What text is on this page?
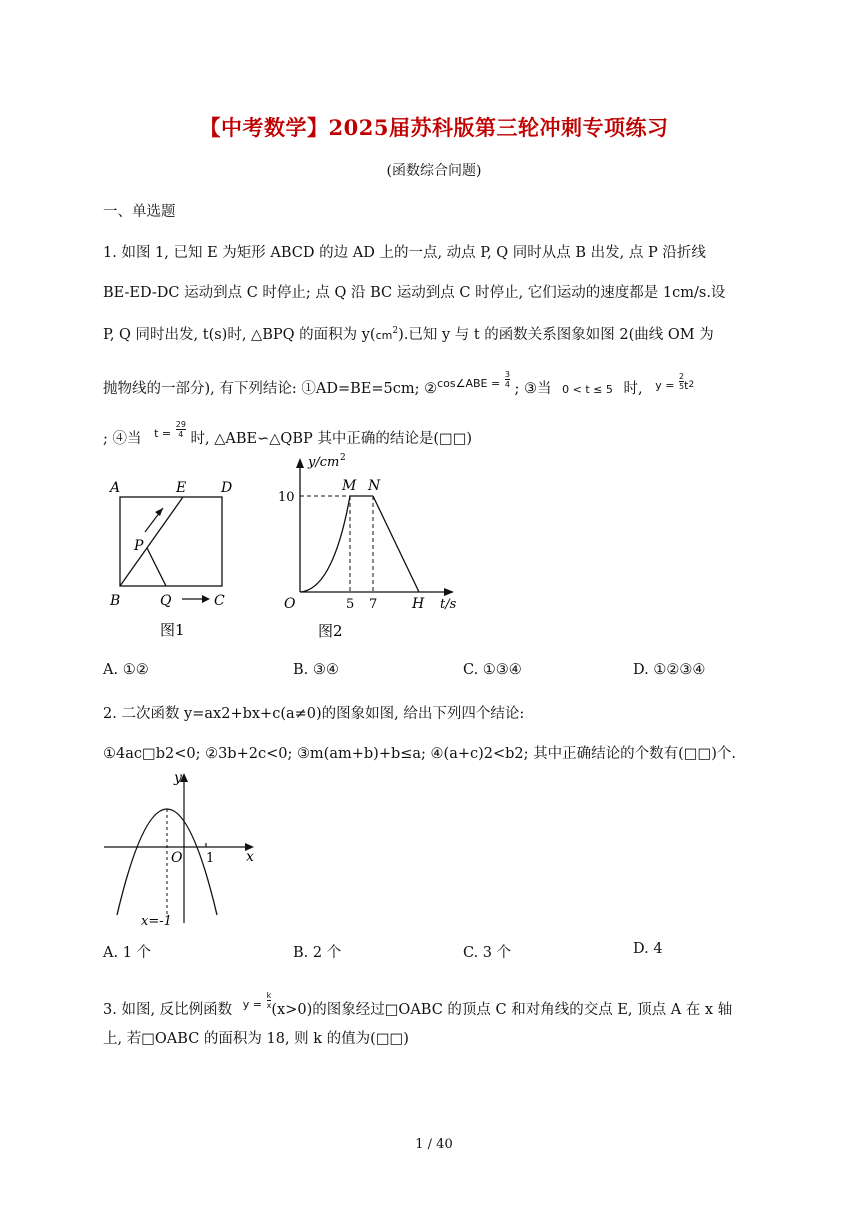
【中考数学】2025届苏科版第三轮冲刺专项练习
(函数综合问题)
一、单选题
1. 如图 1, 已知 E 为矩形 ABCD 的边 AD 上的一点, 动点 P, Q 同时从点 B 出发, 点 P 沿折线
BE-ED-DC 运动到点 C 时停止; 点 Q 沿 BC 运动到点 C 时停止, 它们运动的速度都是 1cm/s.设
P, Q 同时出发, t(s)时, △BPQ 的面积为 $y(cm^2)$.已知 y 与 t 的函数关系图象如图 2(曲线 OM 为
抛物线的一部分), 有下列结论: ①AD=BE=5cm; ②$^{cos\angle ABE =}$ $\frac{3}{4}$ ; ③当 0 < t ≤ 5 时, $^{y =} \frac{2}{5} ^{t2}$
; ④当 $^{t =} \frac{29}{4}$ 时, △ABE∽△QBP 其中正确的结论是(□□)
A	E D
P
B	Q	C
图1
y/cm 2
10
M N
O	5 7 H t/s
图2
A. ①②	B. ③④	C. ①③④	D. ①②③④
2. 二次函数 y=ax2+bx+c(a≠0)的图象如图, 给出下列四个结论:
①4ac□b2<0; ②3b+2c<0; ③m(am+b)+b≤a; ④(a+c)2<b2; 其中正确结论的个数有(□□)个.
y
x
O 1
x=-1
A. 1 个	B. 2 个	C. 3 个	D. 4
3. 如图, 反比例函数 $^{y =} \frac{k}{x} (x>0)$的图象经过□OABC 的顶点 C 和对角线的交点 E, 顶点 A 在 x 轴
上, 若□OABC 的面积为 18, 则 k 的值为(□□)
1 / 40
